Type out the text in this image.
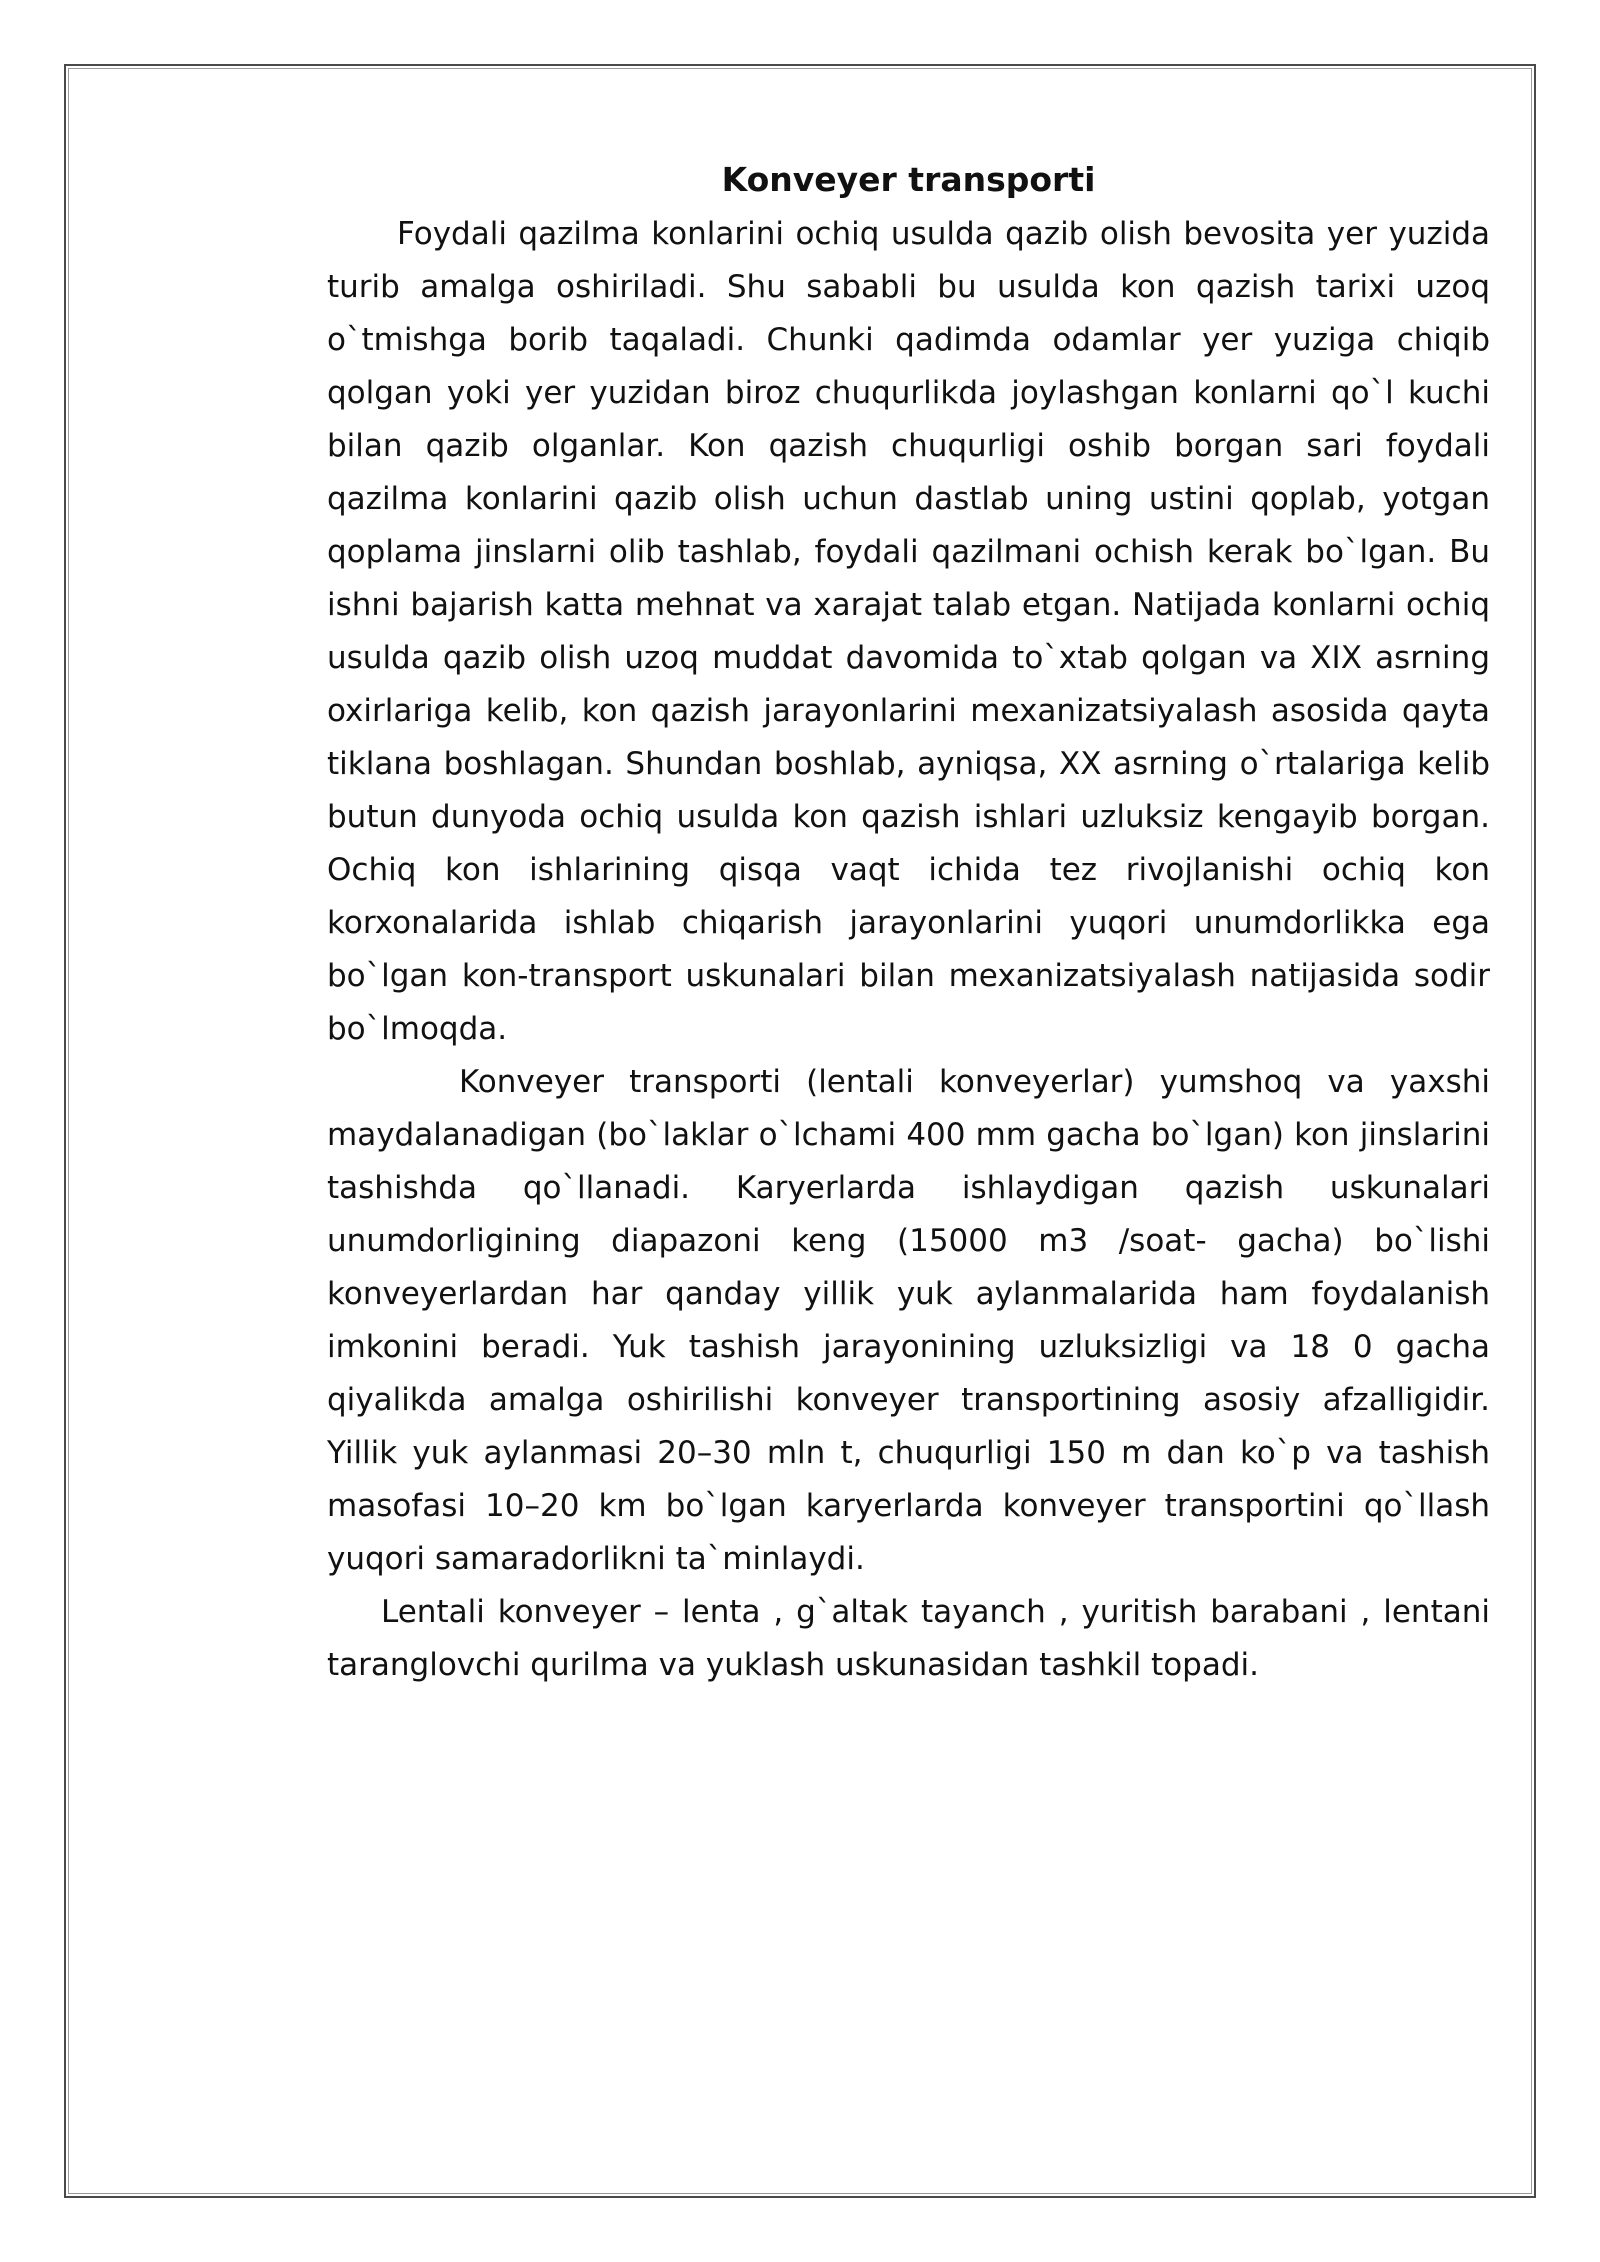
Konveyer transporti

Foydali qazilma konlarini ochiq usulda qazib olish bevosita yer yuzida turib amalga oshiriladi. Shu sababli bu usulda kon qazish tarixi uzoq o`tmishga borib taqaladi. Chunki qadimda odamlar yer yuziga chiqib qolgan yoki yer yuzidan biroz chuqurlikda joylashgan konlarni qo`l kuchi bilan qazib olganlar. Kon qazish chuqurligi oshib borgan sari foydali qazilma konlarini qazib olish uchun dastlab uning ustini qoplab, yotgan qoplama jinslarni olib tashlab, foydali qazilmani ochish kerak bo`lgan. Bu ishni bajarish katta mehnat va xarajat talab etgan. Natijada konlarni ochiq usulda qazib olish uzoq muddat davomida to`xtab qolgan va XIX asrning oxirlariga kelib, kon qazish jarayonlarini mexanizatsiyalash asosida qayta tiklana boshlagan. Shundan boshlab, ayniqsa, XX asrning o`rtalariga kelib butun dunyoda ochiq usulda kon qazish ishlari uzluksiz kengayib borgan. Ochiq kon ishlarining qisqa vaqt ichida tez rivojlanishi ochiq kon korxonalarida ishlab chiqarish jarayonlarini yuqori unumdorlikka ega bo`lgan kon-transport uskunalari bilan mexanizatsiyalash natijasida sodir bo`lmoqda.

Konveyer transporti (lentali konveyerlar) yumshoq va yaxshi maydalanadigan (bo`laklar o`lchami 400 mm gacha bo`lgan) kon jinslarini tashishda qo`llanadi. Karyerlarda ishlaydigan qazish uskunalari unumdorligining diapazoni keng (15000 m3 /soat- gacha) bo`lishi konveyerlardan har qanday yillik yuk aylanmalarida ham foydalanish imkonini beradi. Yuk tashish jarayonining uzluksizligi va 18 0 gacha qiyalikda amalga oshirilishi konveyer transportining asosiy afzalligidir. Yillik yuk aylanmasi 20–30 mln t, chuqurligi 150 m dan ko`p va tashish masofasi 10–20 km bo`lgan karyerlarda konveyer transportini qo`llash yuqori samaradorlikni ta`minlaydi.

Lentali konveyer – lenta , g`altak tayanch , yuritish barabani , lentani taranglovchi qurilma va yuklash uskunasidan tashkil topadi.
